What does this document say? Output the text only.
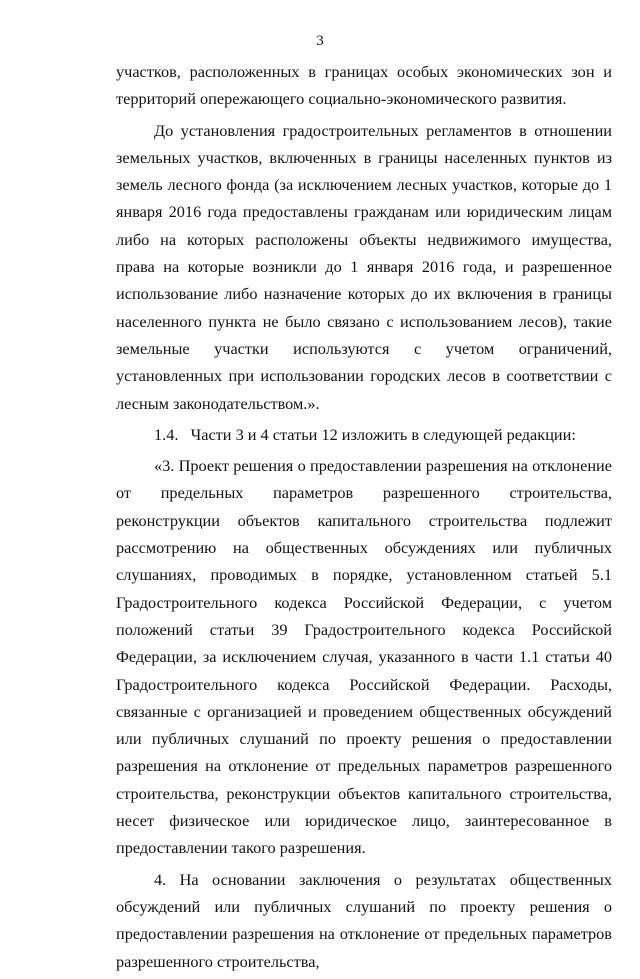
3

участков, расположенных в границах особых экономических зон и территорий опережающего социально-экономического развития.

До установления градостроительных регламентов в отношении земельных участков, включенных в границы населенных пунктов из земель лесного фонда (за исключением лесных участков, которые до 1 января 2016 года предоставлены гражданам или юридическим лицам либо на которых расположены объекты недвижимого имущества, права на которые возникли до 1 января 2016 года, и разрешенное использование либо назначение которых до их включения в границы населенного пункта не было связано с использованием лесов), такие земельные участки используются с учетом ограничений, установленных при использовании городских лесов в соответствии с лесным законодательством.».

1.4.   Части 3 и 4 статьи 12 изложить в следующей редакции:

«3. Проект решения о предоставлении разрешения на отклонение от предельных параметров разрешенного строительства, реконструкции объектов капитального строительства подлежит рассмотрению на общественных обсуждениях или публичных слушаниях, проводимых в порядке, установленном статьей 5.1 Градостроительного кодекса Российской Федерации, с учетом положений статьи 39 Градостроительного кодекса Российской Федерации, за исключением случая, указанного в части 1.1 статьи 40 Градостроительного кодекса Российской Федерации. Расходы, связанные с организацией и проведением общественных обсуждений или публичных слушаний по проекту решения о предоставлении разрешения на отклонение от предельных параметров разрешенного строительства, реконструкции объектов капитального строительства, несет физическое или юридическое лицо, заинтересованное в предоставлении такого разрешения.

4. На основании заключения о результатах общественных обсуждений или публичных слушаний по проекту решения о предоставлении разрешения на отклонение от предельных параметров разрешенного строительства,
